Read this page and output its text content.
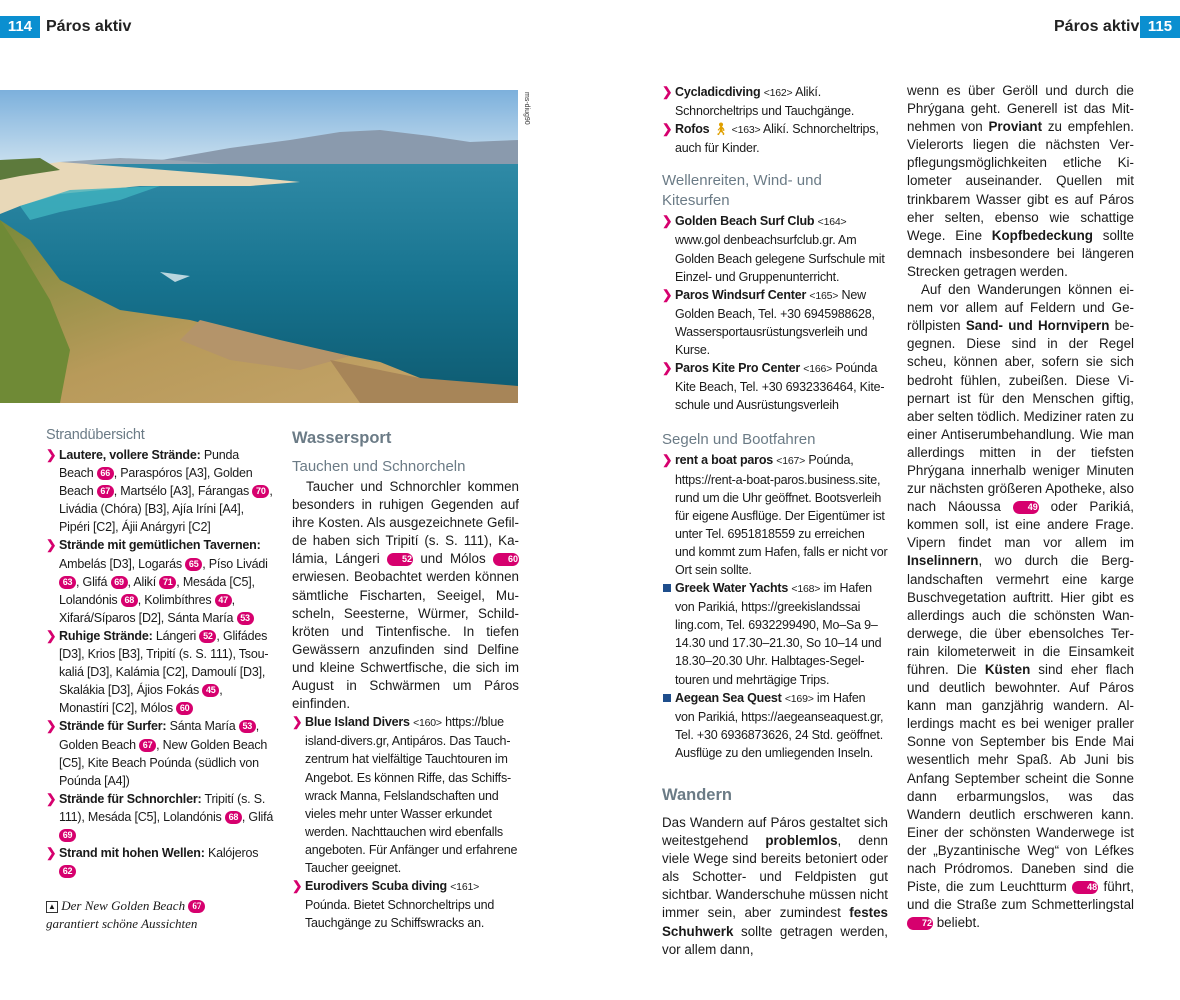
114 Páros aktiv	Páros aktiv 115
ms-diug90
Strandübersicht
❯ Lautere, vollere Strände: Punda Beach 66 , Paraspóros [A3], Golden Beach 67 , Martsélo [A3], Fárangas 70 , Livádia (Chóra) [B3], Ajía Iríni [A4], Pipéri [C2], Ájii Anárgyri [C2]
❯ Strände mit gemütlichen Tavernen: Ambelás [D3], Logarás 65 , Píso Livádi 63 , Glifá 69 , Alikí 71 , Mesáda [C5], Lolandónis 68 , Kolimbíthres 47 , Xifará/Síparos [D2], Sánta María 53
❯ Ruhige Strände: Lángeri 52 , Glifádes [D3], Krios [B3], Tripití (s. S. 111), Tsoukaliá [D3], Kalámia [C2], Damoulí [D3], Skalákia [D3], Ájios Fokás 45 , Monastíri [C2], Mólos 60
❯ Strände für Surfer: Sánta María 53 , Golden Beach 67 , New Golden Beach [C5], Kite Beach Poúnda (südlich von Poúnda [A4])
❯ Strände für Schnorchler: Tripití (s. S. 111), Mesáda [C5], Lolandónis 68 , Glifá 69
❯ Strand mit hohen Wellen: Kalójeros 62
▲ Der New Golden Beach 67
garantiert schöne Aussichten
Wassersport
Tauchen und Schnorcheln

Taucher und Schnorchler kommen besonders in ruhigen Gegenden auf ihre Kosten. Als ausgezeichnete Gefilde haben sich Tripití (s. S. 111), Kalámia, Lángeri 52 und Mólos 60 erwiesen. Beobachtet werden können sämtliche Fischarten, Seeigel, Muscheln, Seesterne, Würmer, Schildkröten und Tintenfische. In tiefen Gewässern anzufinden sind Delfine und kleine Schwertfische, die sich im August in Schwärmen um Páros einfinden.

❯ Blue Island Divers <160> https://blue island-divers.gr, Antipáros. Das Tauchzentrum hat vielfältige Tauchtouren im Angebot. Es können Riffe, das Schiffswrack Manna, Felslandschaften und vieles mehr unter Wasser erkundet werden. Nachttauchen wird ebenfalls angeboten. Für Anfänger und erfahrene Taucher geeignet.
❯ Eurodivers Scuba diving <161> Poúnda. Bietet Schnorcheltrips und Tauchgänge zu Schiffswracks an.
❯ Cycladicdiving <162> Alikí. Schnorcheltrips und Tauchgänge.
❯ Rofos 🚶︎ <163> Alikí. Schnorcheltrips, auch für Kinder.
Wellenreiten, Wind- und Kitesurfen
❯ Golden Beach Surf Club <164> www.gol denbeachsurfclub.gr. Am Golden Beach gelegene Surfschule mit Einzel- und Gruppenunterricht.
❯ Paros Windsurf Center <165> New Golden Beach, Tel. +30 6945988628, Wassersportausrüstungsverleih und Kurse.
❯ Paros Kite Pro Center <166> Poúnda Kite Beach, Tel. +30 6932336464, Kiteschule und Ausrüstungsverleih
Segeln und Bootfahren
❯ rent a boat paros <167> Poúnda, https://rent-a-boat-paros.business.site, rund um die Uhr geöffnet. Bootsverleih für eigene Ausflüge. Der Eigentümer ist unter Tel. 6951818559 zu erreichen und kommt zum Hafen, falls er nicht vor Ort sein sollte.
Greek Water Yachts <168> im Hafen von Parikiá, https://greekislandssai ling.com, Tel. 6932299490, Mo–Sa 9–14.30 und 17.30–21.30, So 10–14 und 18.30–20.30 Uhr. Halbtages-Segeltouren und mehrtägige Trips.
Aegean Sea Quest <169> im Hafen von Parikiá, https://aegeanseaquest.gr, Tel. +30 6936873626, 24 Std. geöffnet. Ausflüge zu den umliegenden Inseln.
Wandern

Das Wandern auf Páros gestaltet sich weitestgehend problemlos, denn viele Wege sind bereits betoniert oder als Schotter- und Feldpisten gut sichtbar. Wanderschuhe müssen nicht immer sein, aber zumindest festes Schuhwerk sollte getragen werden, vor allem dann,

wenn es über Geröll und durch die Phrýgana geht. Generell ist das Mitnehmen von Proviant zu empfehlen. Vielerorts liegen die nächsten Verpflegungsmöglichkeiten etliche Kilometer auseinander. Quellen mit trinkbarem Wasser gibt es auf Páros eher selten, ebenso wie schattige Wege. Eine Kopfbedeckung sollte demnach insbesondere bei längeren Strecken getragen werden.

Auf den Wanderungen können einem vor allem auf Feldern und Geröllpisten Sand- und Hornvipern begegnen. Diese sind in der Regel scheu, können aber, sofern sie sich bedroht fühlen, zubeißen. Diese Vipernart ist für den Menschen giftig, aber selten tödlich. Mediziner raten zu einer Antiserumbehandlung. Wie man allerdings mitten in der tiefsten Phrýgana innerhalb weniger Minuten zur nächsten größeren Apotheke, also nach Náoussa 49 oder Parikiá, kommen soll, ist eine andere Frage. Vipern findet man vor allem im Inselinnern, wo durch die Berglandschaften vermehrt eine karge Buschvegetation auftritt. Hier gibt es allerdings auch die schönsten Wanderwege, die über ebensolches Terrain kilometerweit in die Einsamkeit führen. Die Küsten sind eher flach und deutlich bewohnter. Auf Páros kann man ganzjährig wandern. Allerdings macht es bei weniger praller Sonne von September bis Ende Mai wesentlich mehr Spaß. Ab Juni bis Anfang September scheint die Sonne dann erbarmungslos, was das Wandern deutlich erschweren kann. Einer der schönsten Wanderwege ist der „Byzantinische Weg“ von Léfkes nach Pródromos. Daneben sind die Piste, die zum Leuchtturm 48 führt, und die Straße zum Schmetterlingstal 72 beliebt.
